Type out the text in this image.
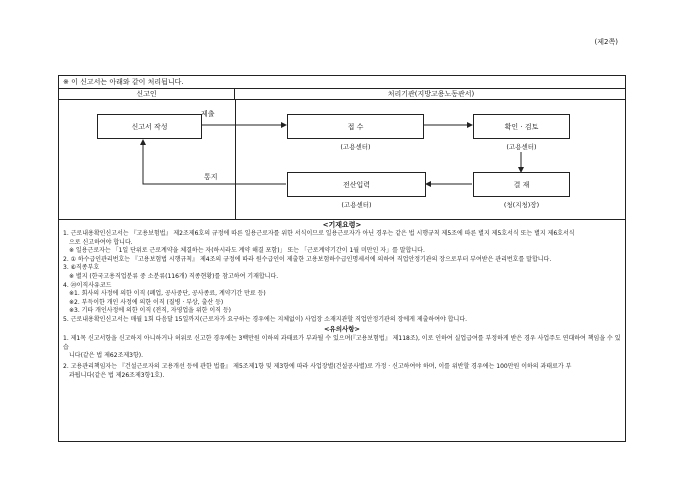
(제2쪽)
※ 이 신고서는 아래와 같이 처리됩니다.
신고인	처리기관(지방고용노동관서)
신고서 작성
제출
접 수
(고용센터)
확인 · 검토
(고용센터)
결 재
(청(지청)장)
전산입력
(고용센터)
통지
<기재요령>

1. 근로내용확인신고서는 『고용보험법』 제2조제6호의 규정에 따른 일용근로자를 위한 서식이므로 일용근로자가 아닌 경우는 같은 법 시행규칙 제5조에 따른 별지 제5호서식 또는 별지 제6호서식

으로 신고하여야 합니다.

※ 일용근로자는 「1일 단위로 근로계약을 체결하는 자(하시라도 계약 해결 포함)」 또는 「근로계약기간이 1월 미만인 자」를 말합니다.

2. ① 하수급인관리번호는 『고용보험법 시행규칙』 제4조의 규정에 따라 원수급인이 제출한 고용보험하수급인명세서에 의하여 직업안정기관의 장으로부터 부여받은 관리번호를 말합니다.

3. ⑥직종부호

※ 별지 (한국고용직업분류 중 소분류(116개) 직종현황)를 참고하여 기재합니다.

4. ⑳이직사유코드

※1. 회사의 사정에 의한 이직 (폐업, 공사중단, 공사종료, 계약기간 만료 등)

※2. 부득이한 개인 사정에 의한 이직 (질병 · 부상, 출산 등)

※3. 기타 개인사정에 의한 이직 (전직, 자영업을 위한 이직 등)

5. 근로내용확인신고서는 매월 1회 다음달 15일까지(근로자가 요구하는 경우에는 지체없이) 사업장 소재지관할 직업안정기관의 장에게 제출하여야 합니다.

<유의사항>

1. 제1목 신고서항을 신고하지 아니하거나 허위로 신고한 경우에는 3백만원 이하의 과태료가 부과될 수 있으며(『고용보험법』 제118조), 이로 인하여 실업급여를 부정하게 받은 경우 사업주도 연대하여 책임을 수 있습

니다(같은 법 제62조제3항).

2. 고용관리책임자는 『건설근로자의 고용개선 등에 관한 법률』 제5조제1항 및 제3항에 따라 사업장별(건설공사별)로 가정 · 신고하여야 하며, 이를 위반할 경우에는 100만원 이하의 과태료가 부

과됩니다(같은 법 제26조제3항1호).
